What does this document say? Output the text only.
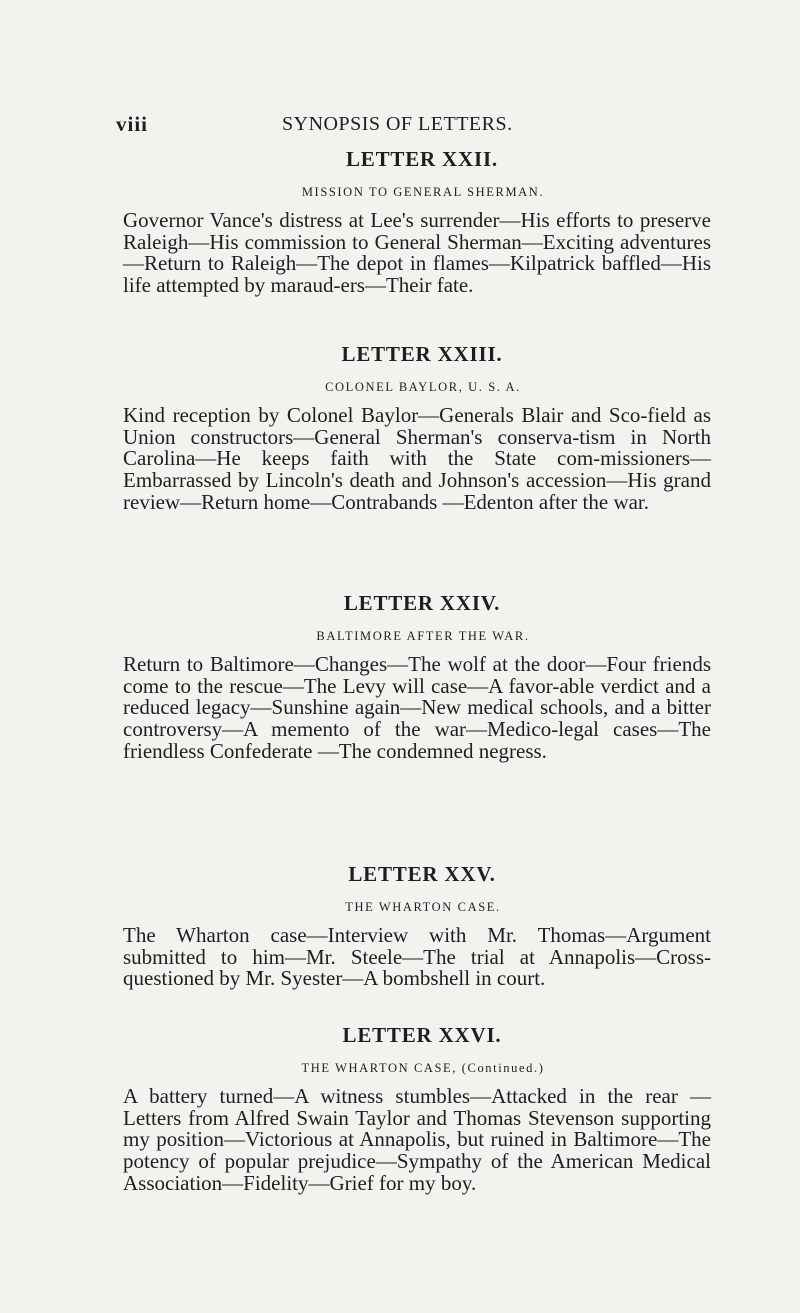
viii	SYNOPSIS OF LETTERS.
LETTER XXII.
MISSION TO GENERAL SHERMAN.

Governor Vance's distress at Lee's surrender—His efforts to preserve Raleigh—His commission to General Sherman—Exciting adventures—Return to Raleigh—The depot in flames—Kilpatrick baffled—His life attempted by maraud-ers—Their fate.

LETTER XXIII.
COLONEL BAYLOR, U. S. A.

Kind reception by Colonel Baylor—Generals Blair and Sco-field as Union constructors—General Sherman's conserva-tism in North Carolina—He keeps faith with the State com-missioners—Embarrassed by Lincoln's death and Johnson's accession—His grand review—Return home—Contrabands —Edenton after the war.

LETTER XXIV.
BALTIMORE AFTER THE WAR.

Return to Baltimore—Changes—The wolf at the door—Four friends come to the rescue—The Levy will case—A favor-able verdict and a reduced legacy—Sunshine again—New medical schools, and a bitter controversy—A memento of the war—Medico-legal cases—The friendless Confederate —The condemned negress.

LETTER XXV.
THE WHARTON CASE.

The Wharton case—Interview with Mr. Thomas—Argument submitted to him—Mr. Steele—The trial at Annapolis—Cross-questioned by Mr. Syester—A bombshell in court.

LETTER XXVI.
THE WHARTON CASE, (Continued.)

A battery turned—A witness stumbles—Attacked in the rear —Letters from Alfred Swain Taylor and Thomas Stevenson supporting my position—Victorious at Annapolis, but ruined in Baltimore—The potency of popular prejudice—Sympathy of the American Medical Association—Fidelity—Grief for my boy.
